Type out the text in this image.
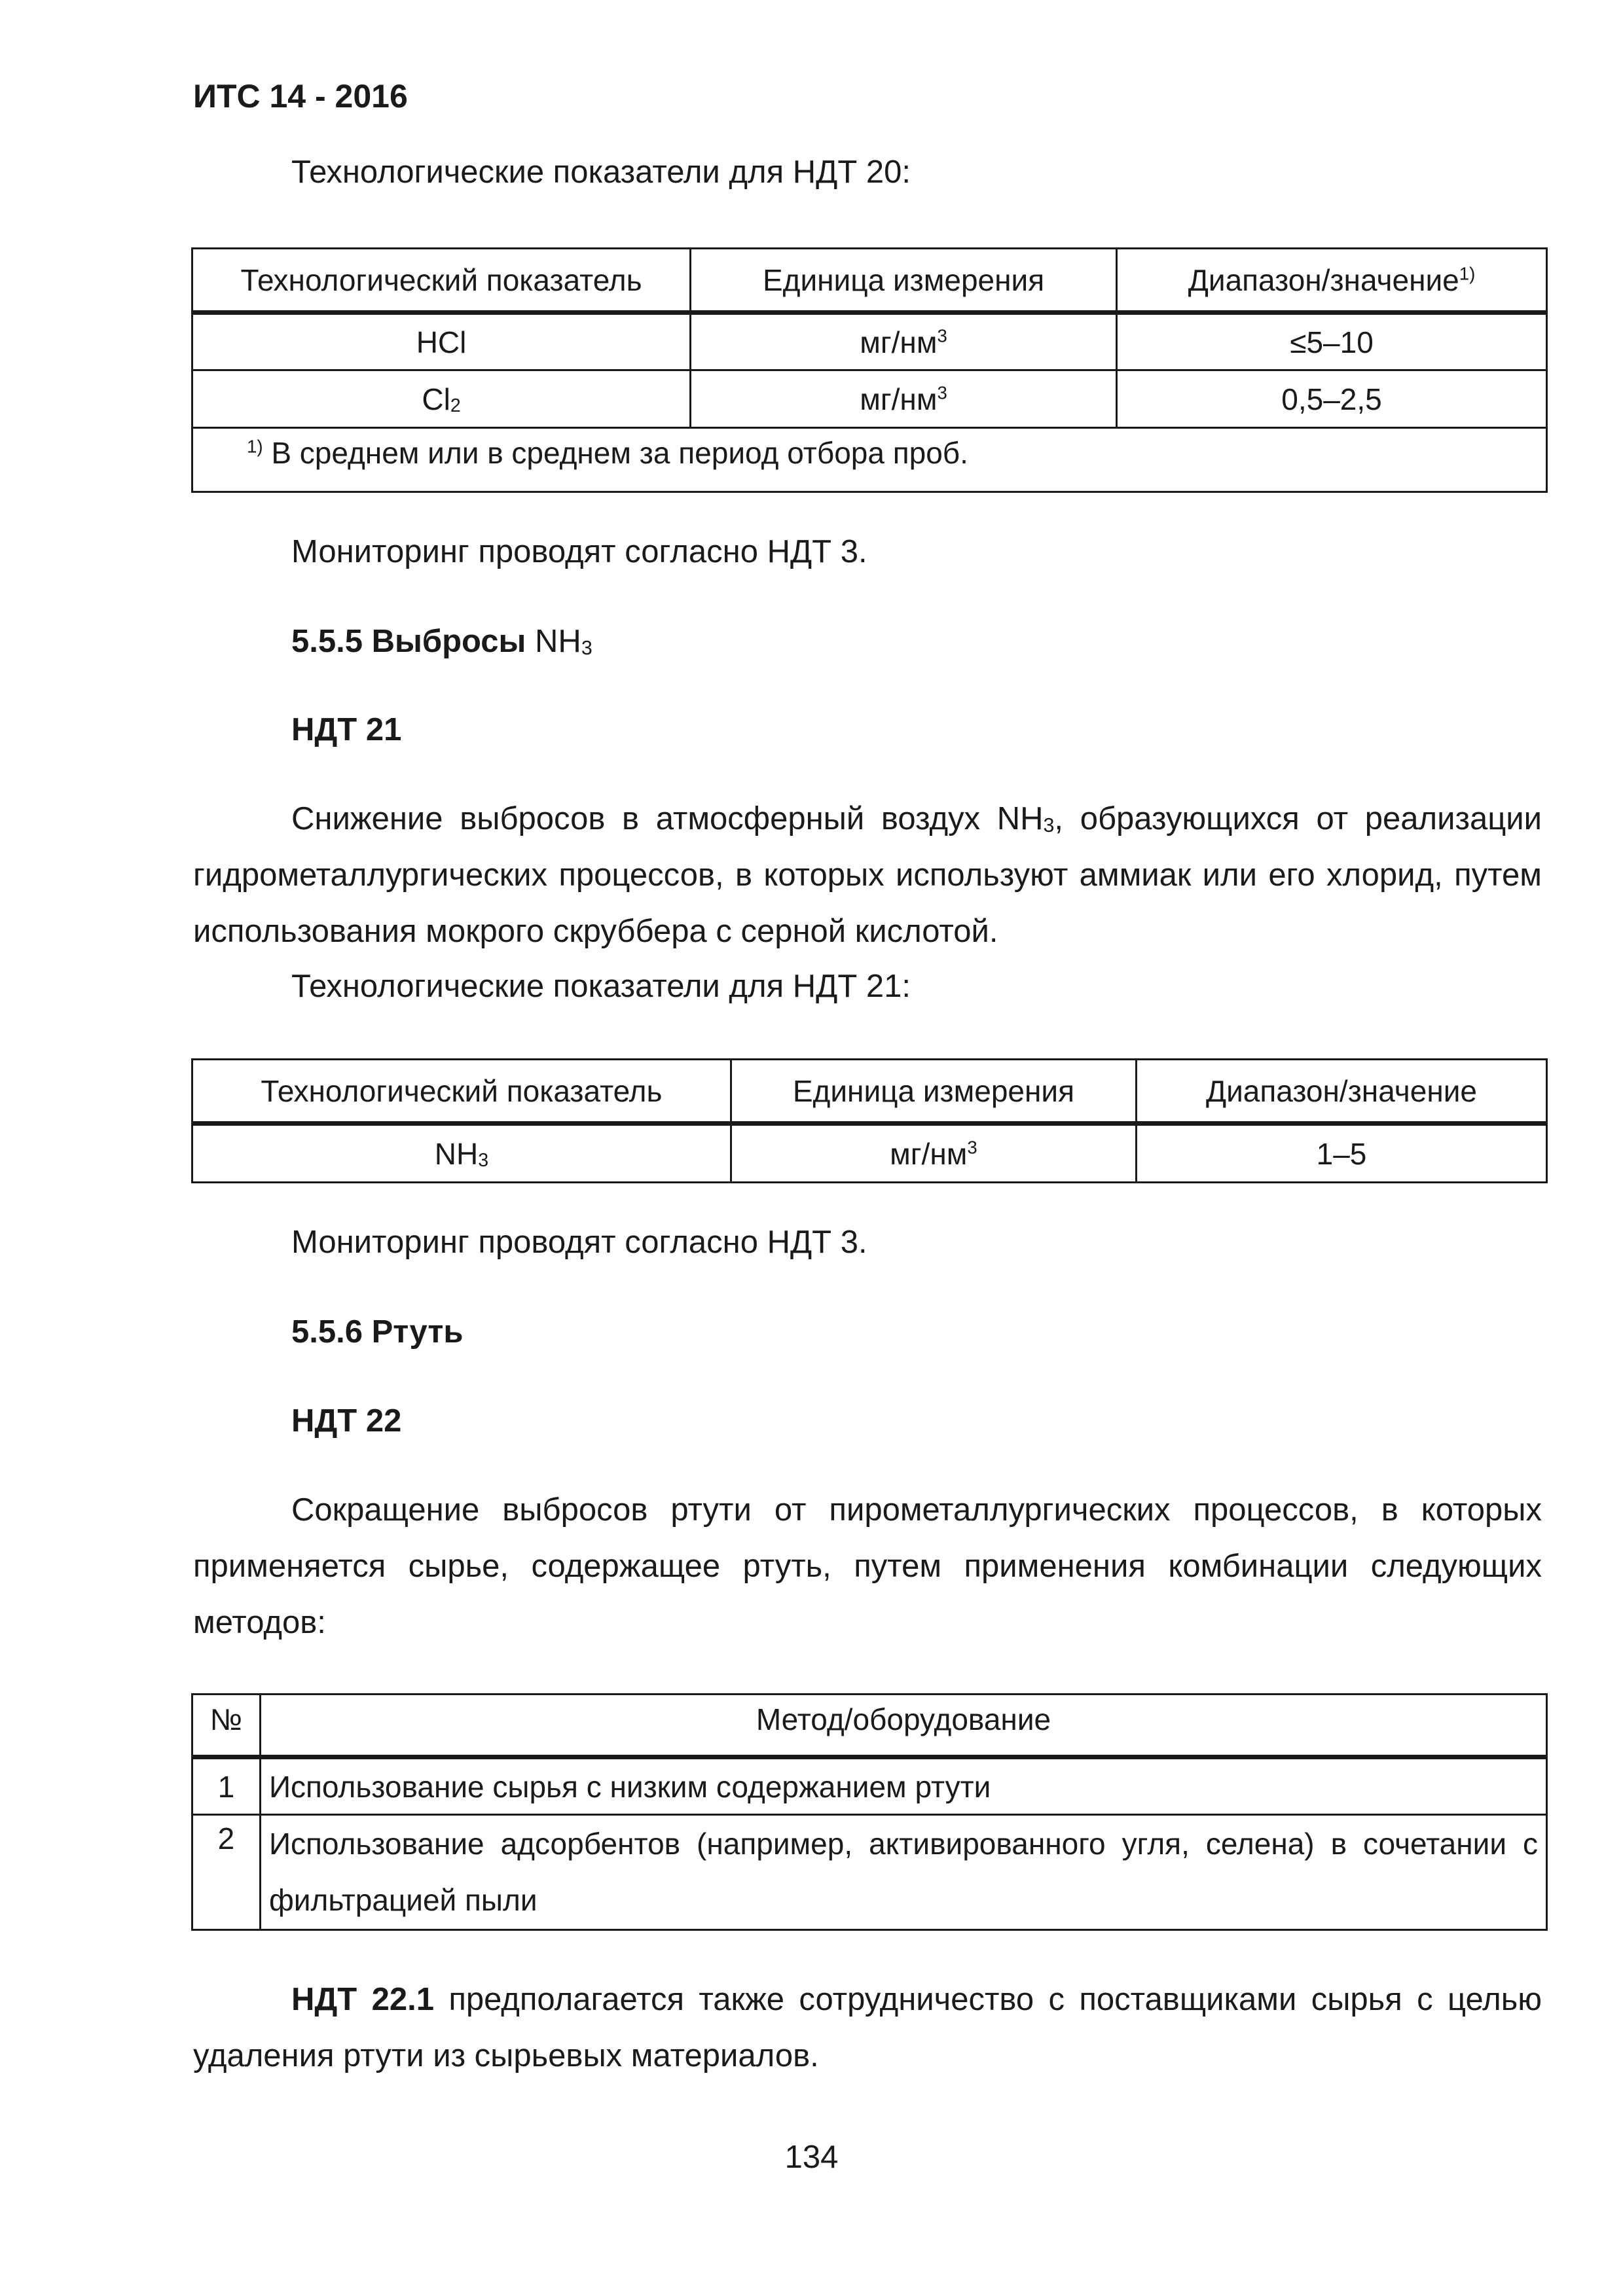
ИТС 14 - 2016
Технологические показатели для НДТ 20:
Технологический показатель	Единица измерения	Диапазон/значение$^{1)}$
HCl	$мг/нм^3$	≤5–10
$Cl_2$	$мг/нм^3$	0,5–2,5
$^{1)}$ В среднем или в среднем за период отбора проб.		
Мониторинг проводят согласно НДТ 3.
5.5.5 Выбросы $NH_3$
НДТ 21
Снижение выбросов в атмосферный воздух $NH_3$, образующихся от реализации гидрометаллургических процессов, в которых используют аммиак или его хлорид, путем использования мокрого скруббера с серной кислотой.
Технологические показатели для НДТ 21:
Технологический показатель	Единица измерения	Диапазон/значение
$NH_3$	$мг/нм^3$	1–5
Мониторинг проводят согласно НДТ 3.
5.5.6 Ртуть
НДТ 22
Сокращение выбросов ртути от пирометаллургических процессов, в которых применяется сырье, содержащее ртуть, путем применения комбинации следующих методов:
№	Метод/оборудование
1	Использование сырья с низким содержанием ртути
2	Использование адсорбентов (например, активированного угля, селена) в сочетании с фильтрацией пыли
НДТ 22.1 предполагается также сотрудничество с поставщиками сырья с целью удаления ртути из сырьевых материалов.
134
